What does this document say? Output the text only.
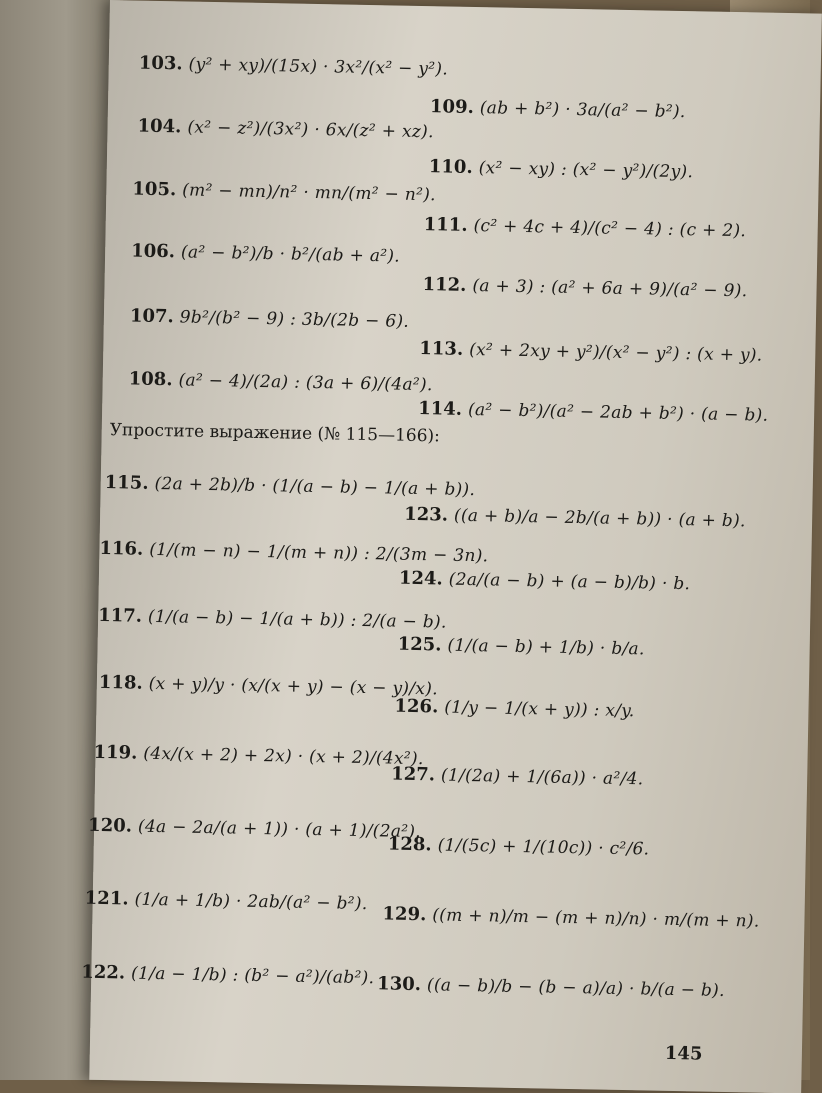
103. (y² + xy)/(15x) · 3x²/(x² − y²).
104. (x² − z²)/(3x²) · 6x/(z² + xz).
105. (m² − mn)/n² · mn/(m² − n²).
106. (a² − b²)/b · b²/(ab + a²).
107. 9b²/(b² − 9) : 3b/(2b − 6).
108. (a² − 4)/(2a) : (3a + 6)/(4a²).
109. (ab + b²) · 3a/(a² − b²).
110. (x² − xy) : (x² − y²)/(2y).
111. (c² + 4c + 4)/(c² − 4) : (c + 2).
112. (a + 3) : (a² + 6a + 9)/(a² − 9).
113. (x² + 2xy + y²)/(x² − y²) : (x + y).
114. (a² − b²)/(a² − 2ab + b²) · (a − b).
Упростите выражение (№ 115—166):
115. (2a + 2b)/b · (1/(a − b) − 1/(a + b)).
116. (1/(m − n) − 1/(m + n)) : 2/(3m − 3n).
117. (1/(a − b) − 1/(a + b)) : 2/(a − b).
118. (x + y)/y · (x/(x + y) − (x − y)/x).
119. (4x/(x + 2) + 2x) · (x + 2)/(4x²).
120. (4a − 2a/(a + 1)) · (a + 1)/(2a²).
121. (1/a + 1/b) · 2ab/(a² − b²).
122. (1/a − 1/b) : (b² − a²)/(ab²).
123. ((a + b)/a − 2b/(a + b)) · (a + b).
124. (2a/(a − b) + (a − b)/b) · b.
125. (1/(a − b) + 1/b) · b/a.
126. (1/y − 1/(x + y)) : x/y.
127. (1/(2a) + 1/(6a)) · a²/4.
128. (1/(5c) + 1/(10c)) · c²/6.
129. ((m + n)/m − (m + n)/n) · m/(m + n).
130. ((a − b)/b − (b − a)/a) · b/(a − b).
145
